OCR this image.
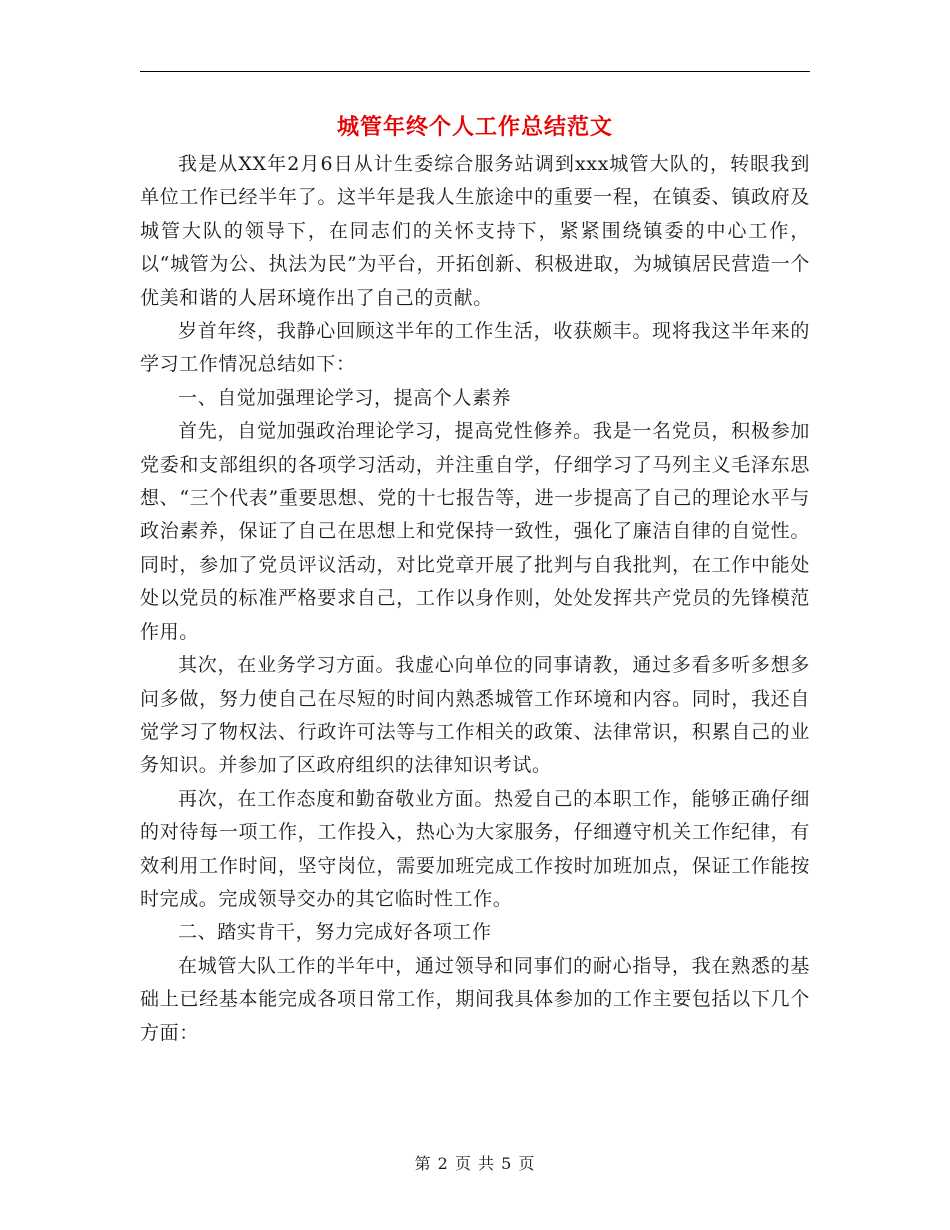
城管年终个人工作总结范文

我是从XX年2月6日从计生委综合服务站调到xxx城管大队的，转眼我到单位工作已经半年了。这半年是我人生旅途中的重要一程，在镇委、镇政府及城管大队的领导下，在同志们的关怀支持下，紧紧围绕镇委的中心工作，以“城管为公、执法为民”为平台，开拓创新、积极进取，为城镇居民营造一个优美和谐的人居环境作出了自己的贡献。

岁首年终，我静心回顾这半年的工作生活，收获颇丰。现将我这半年来的学习工作情况总结如下：

一、自觉加强理论学习，提高个人素养

首先，自觉加强政治理论学习，提高党性修养。我是一名党员，积极参加党委和支部组织的各项学习活动，并注重自学，仔细学习了马列主义毛泽东思想、“三个代表”重要思想、党的十七报告等，进一步提高了自己的理论水平与政治素养，保证了自己在思想上和党保持一致性，强化了廉洁自律的自觉性。同时，参加了党员评议活动，对比党章开展了批判与自我批判，在工作中能处处以党员的标准严格要求自己，工作以身作则，处处发挥共产党员的先锋模范作用。

其次，在业务学习方面。我虚心向单位的同事请教，通过多看多听多想多问多做，努力使自己在尽短的时间内熟悉城管工作环境和内容。同时，我还自觉学习了物权法、行政许可法等与工作相关的政策、法律常识，积累自己的业务知识。并参加了区政府组织的法律知识考试。

再次，在工作态度和勤奋敬业方面。热爱自己的本职工作，能够正确仔细的对待每一项工作，工作投入，热心为大家服务，仔细遵守机关工作纪律，有效利用工作时间，坚守岗位，需要加班完成工作按时加班加点，保证工作能按时完成。完成领导交办的其它临时性工作。

二、踏实肯干，努力完成好各项工作

在城管大队工作的半年中，通过领导和同事们的耐心指导，我在熟悉的基础上已经基本能完成各项日常工作，期间我具体参加的工作主要包括以下几个方面：

第 2 页 共 5 页
